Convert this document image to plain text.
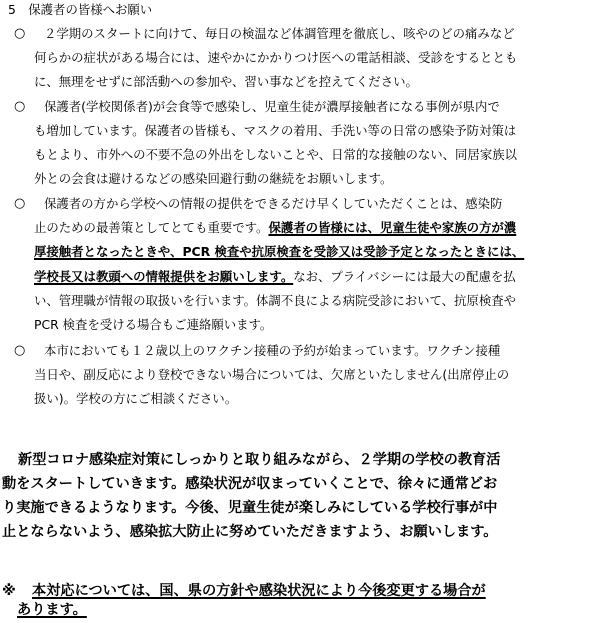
5　 保護者の皆様へお願い
○ ２学期のスタートに向けて、毎日の検温など体調管理を徹底し、咳やのどの痛みなど
何らかの症状がある場合には、速やかにかかりつけ医への電話相談、受診をするととも
に、無理をせずに部活動への参加や、習い事などを控えてください。
○ 保護者(学校関係者)が会食等で感染し、児童生徒が濃厚接触者になる事例が県内で
も増加しています。保護者の皆様も、マスクの着用、手洗い等の日常の感染予防対策は
もとより、市外への不要不急の外出をしないことや、日常的な接触のない、同居家族以
外との会食は避けるなどの感染回避行動の継続をお願いします。
○ 保護者の方から学校への情報の提供をできるだけ早くしていただくことは、感染防
止のための最善策としてとても重要です。保護者の皆様には、児童生徒や家族の方が濃
厚接触者となったときや、PCR 検査や抗原検査を受診又は受診予定となったときには、
学校長又は教頭への情報提供をお願いします。なお、プライバシーには最大の配慮を払
い、管理職が情報の取扱いを行います。体調不良による病院受診において、抗原検査や
PCR 検査を受ける場合もご連絡願います。
○ 本市においても１２歳以上のワクチン接種の予約が始まっています。ワクチン接種
当日や、副反応により登校できない場合については、欠席といたしません(出席停止の
扱い)。学校の方にご相談ください。
新型コロナ感染症対策にしっかりと取り組みながら、２学期の学校の教育活
動をスタートしていきます。感染状況が収まっていくことで、徐々に通常どお
り実施できるようなります。今後、児童生徒が楽しみにしている学校行事が中
止とならないよう、感染拡大防止に努めていただきますよう、お願いします。
※ 本対応については、国、県の方針や感染状況により今後変更する場合が
あります。
